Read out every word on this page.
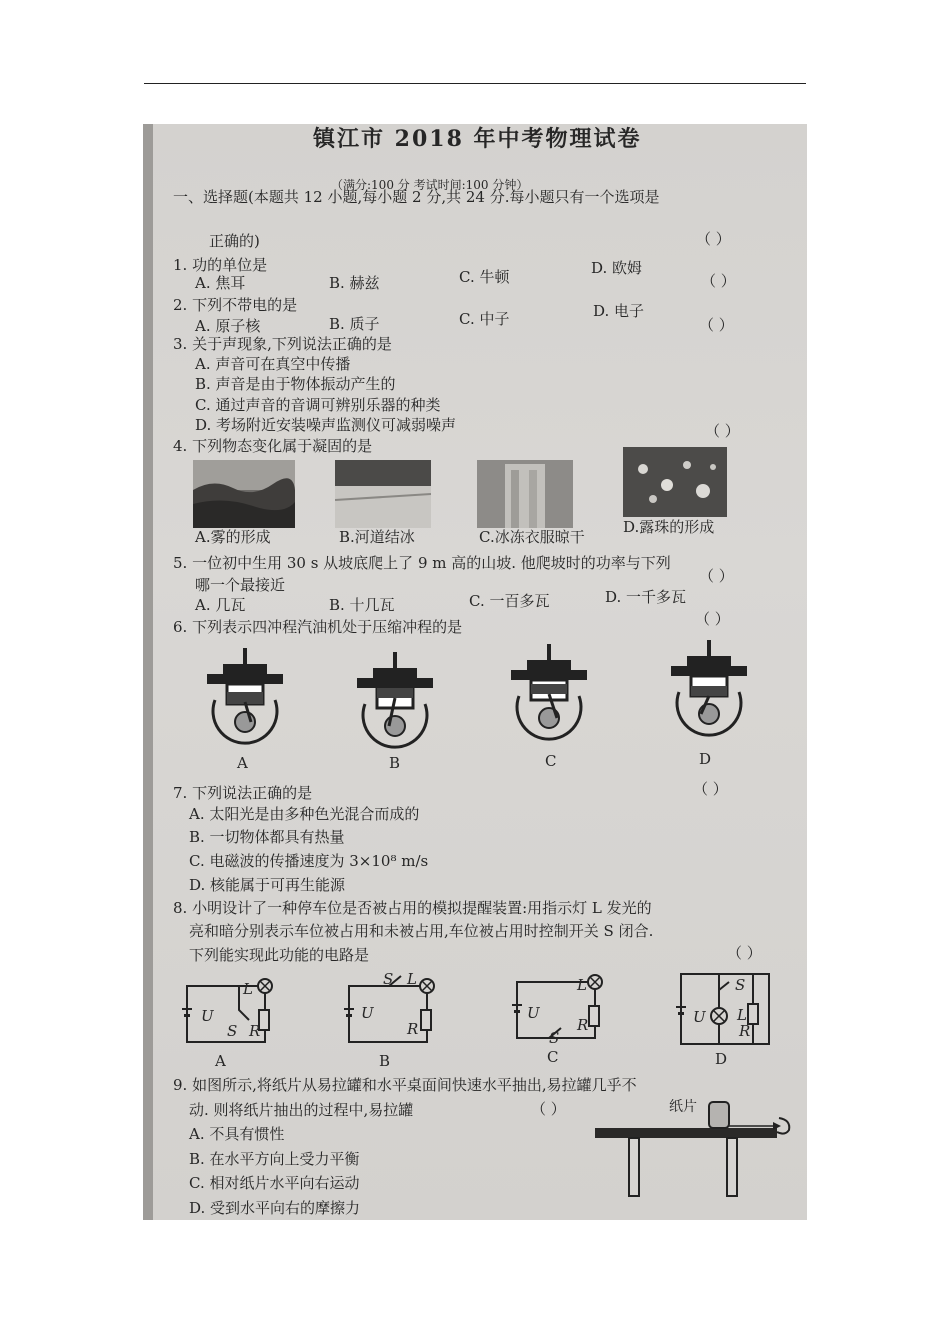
镇江市 2018 年中考物理试卷
（满分:100 分 考试时间:100 分钟）
一、选择题(本题共 12 小题,每小题 2 分,共 24 分.每小题只有一个选项是
正确的)	（ ）
1. 功的单位是
A. 焦耳	B. 赫兹	C. 牛顿	D. 欧姆
（ ）
2. 下列不带电的是
A. 原子核	B. 质子	C. 中子	D. 电子
（ ）
3. 关于声现象,下列说法正确的是
A. 声音可在真空中传播
B. 声音是由于物体振动产生的
C. 通过声音的音调可辨别乐器的种类
D. 考场附近安装噪声监测仪可减弱噪声	（ ）
4. 下列物态变化属于凝固的是
A.雾的形成	B.河道结冰	C.冰冻衣服晾干
D.露珠的形成
5. 一位初中生用 30 s 从坡底爬上了 9 m 高的山坡. 他爬坡时的功率与下列
哪一个最接近	（ ）
A. 几瓦	B. 十几瓦	C. 一百多瓦	D. 一千多瓦
（ ）
6. 下列表示四冲程汽油机处于压缩冲程的是
A	B	C	D
7. 下列说法正确的是	（ ）
A. 太阳光是由多种色光混合而成的
B. 一切物体都具有热量
C. 电磁波的传播速度为 3×10⁸ m/s
D. 核能属于可再生能源
8. 小明设计了一种停车位是否被占用的模拟提醒装置:用指示灯 L 发光的
亮和暗分别表示车位被占用和未被占用,车位被占用时控制开关 S 闭合.
下列能实现此功能的电路是	（ ）
L
U
S R
A
S L
U
R
B
L
U
R
S
C
S
U L
R
D
9. 如图所示,将纸片从易拉罐和水平桌面间快速水平抽出,易拉罐几乎不
动. 则将纸片抽出的过程中,易拉罐	（ ）
A. 不具有惯性
B. 在水平方向上受力平衡
C. 相对纸片水平向右运动
D. 受到水平向右的摩擦力
纸片
